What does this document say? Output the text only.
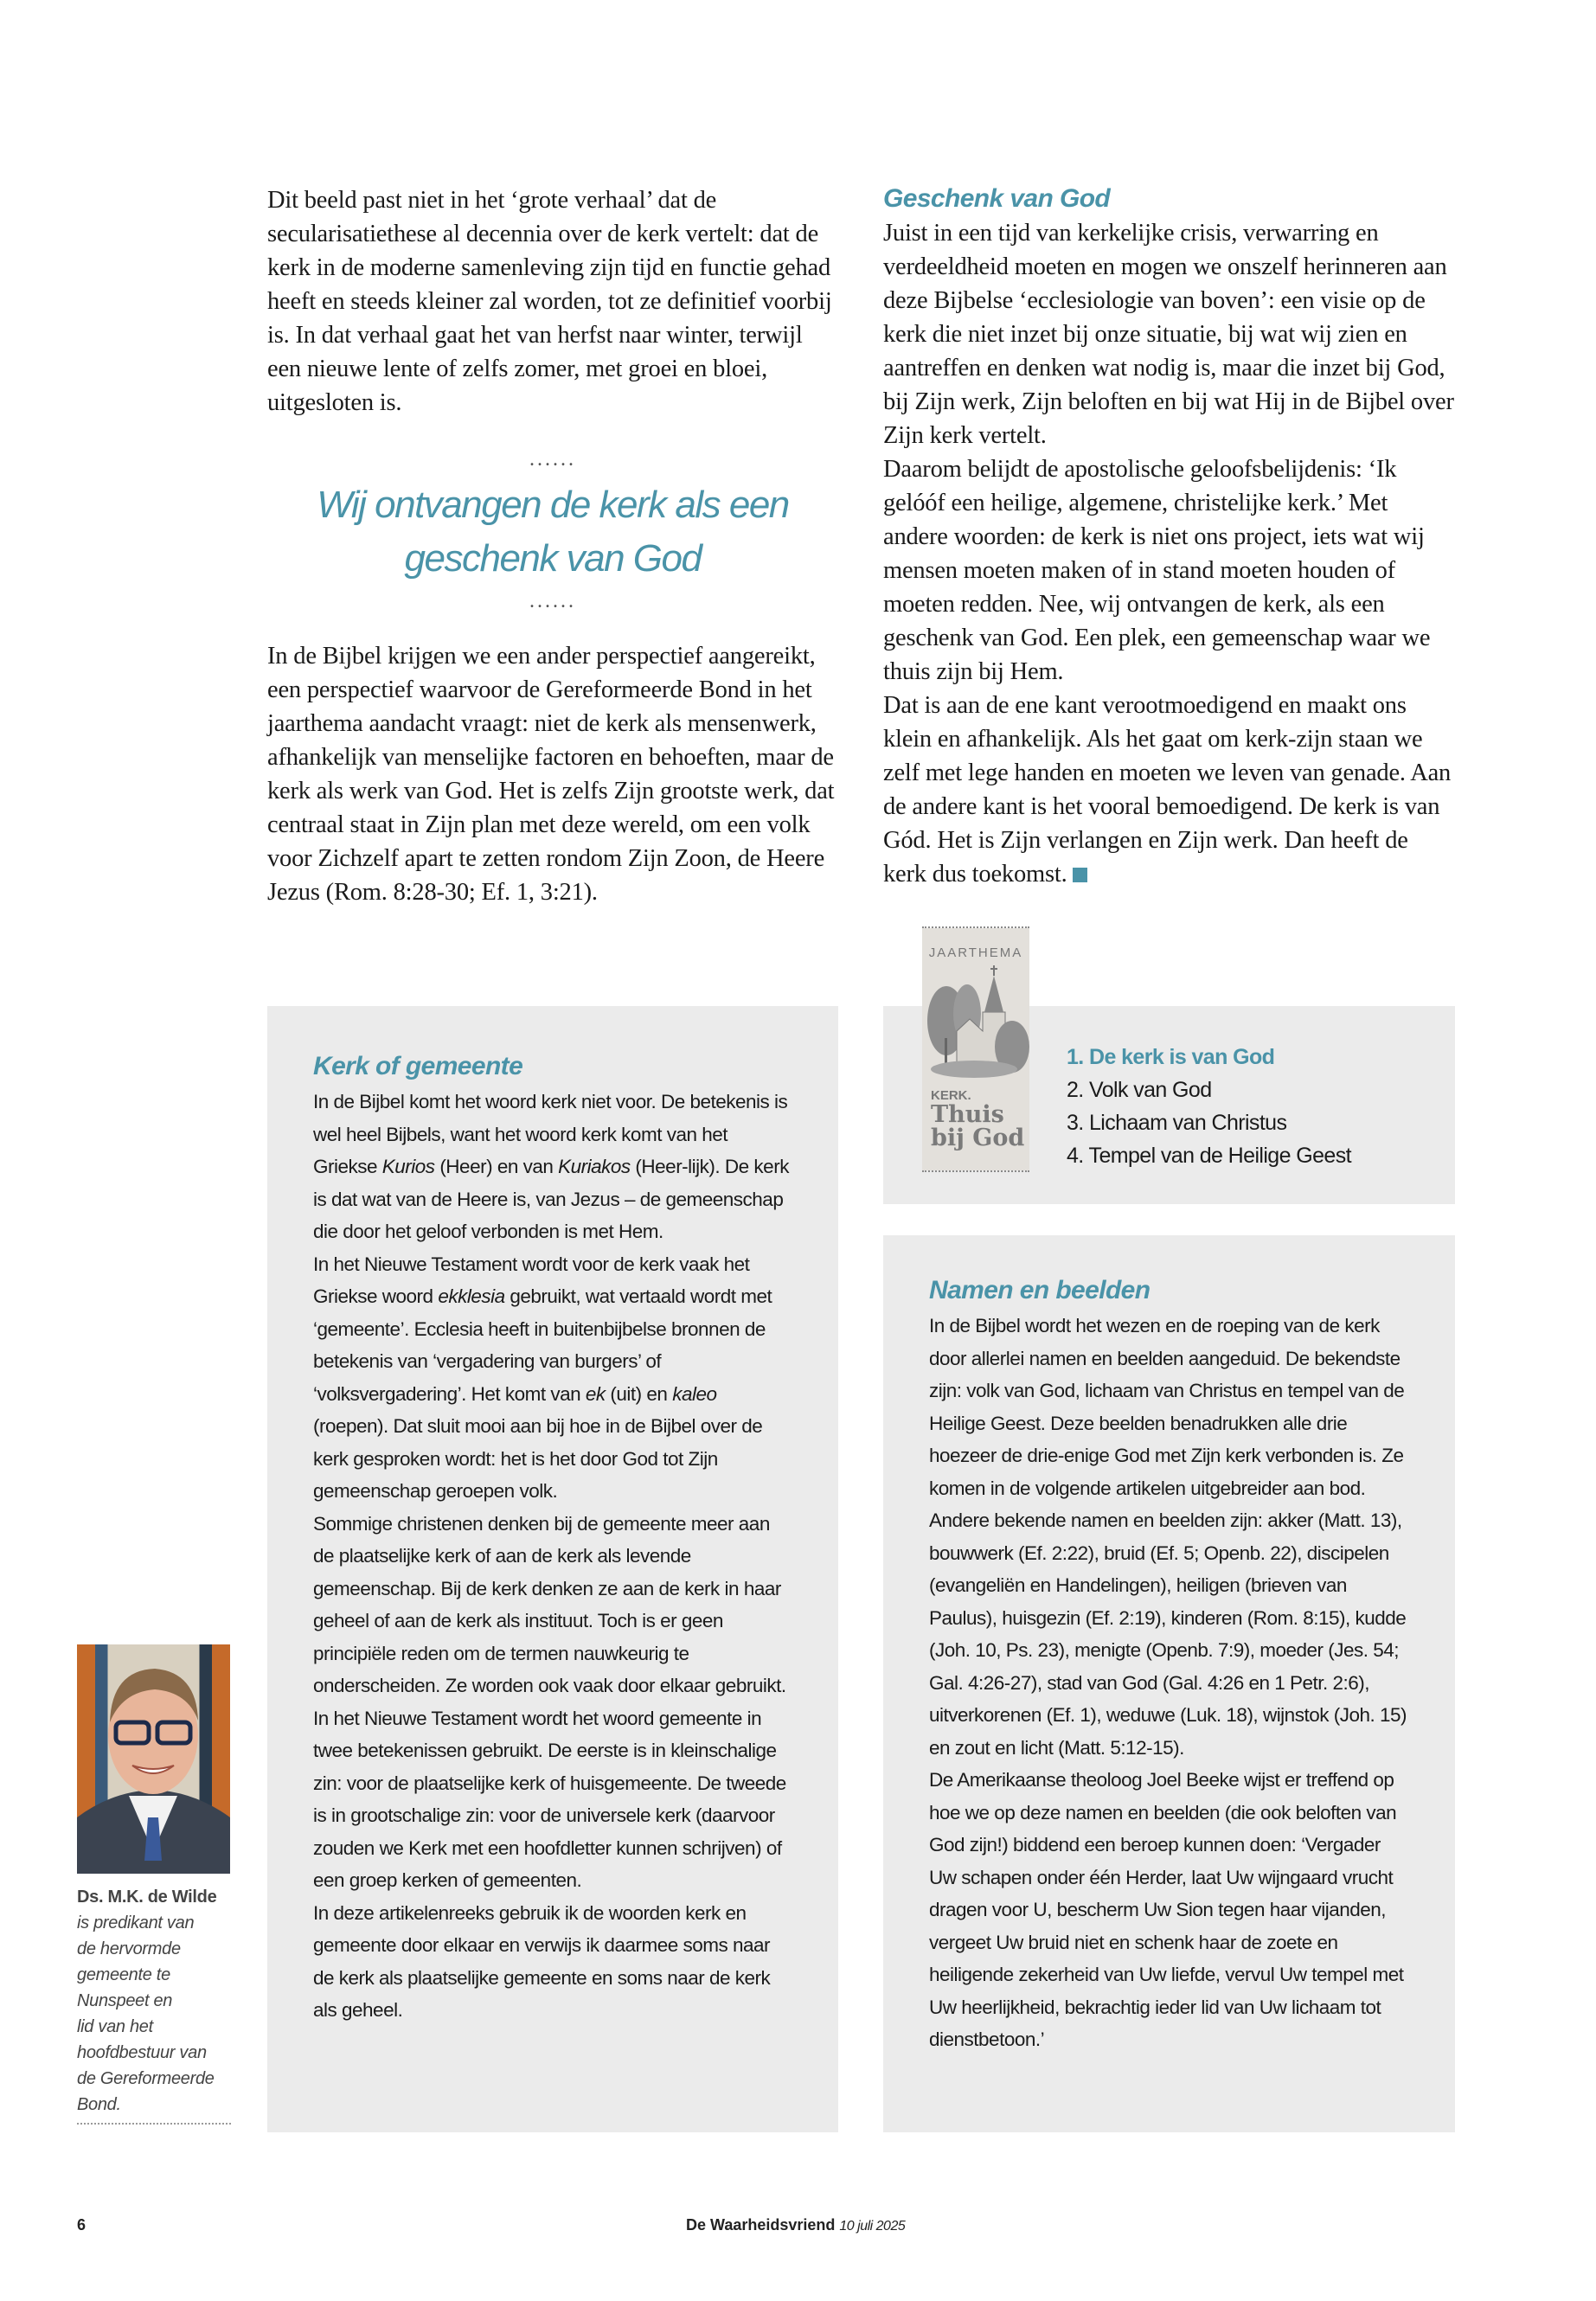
Dit beeld past niet in het ‘grote verhaal’ dat de secularisatiethese al decennia over de kerk vertelt: dat de kerk in de moderne samenleving zijn tijd en functie gehad heeft en steeds kleiner zal worden, tot ze definitief voorbij is. In dat verhaal gaat het van herfst naar winter, terwijl een nieuwe lente of zelfs zomer, met groei en bloei, uitgesloten is.

......
Wij ontvangen de kerk als een
geschenk van God
......

In de Bijbel krijgen we een ander perspectief aangereikt, een perspectief waarvoor de Gereformeerde Bond in het jaarthema aandacht vraagt: niet de kerk als mensenwerk, afhankelijk van menselijke factoren en behoeften, maar de kerk als werk van God. Het is zelfs Zijn grootste werk, dat centraal staat in Zijn plan met deze wereld, om een volk voor Zichzelf apart te zetten rondom Zijn Zoon, de Heere Jezus (Rom. 8:28-30; Ef. 1, 3:21).

Geschenk van God

Juist in een tijd van kerkelijke crisis, verwarring en verdeeldheid moeten en mogen we onszelf herinneren aan deze Bijbelse ‘ecclesiologie van boven’: een visie op de kerk die niet inzet bij onze situatie, bij wat wij zien en aantreffen en denken wat nodig is, maar die inzet bij God, bij Zijn werk, Zijn beloften en bij wat Hij in de Bijbel over Zijn kerk vertelt.

Daarom belijdt de apostolische geloofsbelijdenis: ‘Ik gelóóf een heilige, algemene, christelijke kerk.’ Met andere woorden: de kerk is niet ons project, iets wat wij mensen moeten maken of in stand moeten houden of moeten redden. Nee, wij ontvangen de kerk, als een geschenk van God. Een plek, een gemeenschap waar we thuis zijn bij Hem.

Dat is aan de ene kant verootmoedigend en maakt ons klein en afhankelijk. Als het gaat om kerk-zijn staan we zelf met lege handen en moeten we leven van genade. Aan de andere kant is het vooral bemoedigend. De kerk is van Gód. Het is Zijn verlangen en Zijn werk. Dan heeft de kerk dus toekomst.

Kerk of gemeente

In de Bijbel komt het woord kerk niet voor. De betekenis is wel heel Bijbels, want het woord kerk komt van het Griekse Kurios (Heer) en van Kuriakos (Heer-lijk). De kerk is dat wat van de Heere is, van Jezus – de gemeenschap die door het geloof verbonden is met Hem.

In het Nieuwe Testament wordt voor de kerk vaak het Griekse woord ekklesia gebruikt, wat vertaald wordt met ‘gemeente’. Ecclesia heeft in buitenbijbelse bronnen de betekenis van ‘vergadering van burgers’ of ‘volksvergadering’. Het komt van ek (uit) en kaleo (roepen). Dat sluit mooi aan bij hoe in de Bijbel over de kerk gesproken wordt: het is het door God tot Zijn gemeenschap geroepen volk.

Sommige christenen denken bij de gemeente meer aan de plaatselijke kerk of aan de kerk als levende gemeenschap. Bij de kerk denken ze aan de kerk in haar geheel of aan de kerk als instituut. Toch is er geen principiële reden om de termen nauwkeurig te onderscheiden. Ze worden ook vaak door elkaar gebruikt.

In het Nieuwe Testament wordt het woord gemeente in twee betekenissen gebruikt. De eerste is in kleinschalige zin: voor de plaatselijke kerk of huisgemeente. De tweede is in grootschalige zin: voor de universele kerk (daarvoor zouden we Kerk met een hoofdletter kunnen schrijven) of een groep kerken of gemeenten.

In deze artikelenreeks gebruik ik de woorden kerk en gemeente door elkaar en verwijs ik daarmee soms naar de kerk als plaatselijke gemeente en soms naar de kerk als geheel.

JAARTHEMA
KERK.
Thuis
bij God
1. De kerk is van God
2. Volk van God
3. Lichaam van Christus
4. Tempel van de Heilige Geest
Namen en beelden

In de Bijbel wordt het wezen en de roeping van de kerk door allerlei namen en beelden aangeduid. De bekendste zijn: volk van God, lichaam van Christus en tempel van de Heilige Geest. Deze beelden benadrukken alle drie hoezeer de drie-enige God met Zijn kerk verbonden is. Ze komen in de volgende artikelen uitgebreider aan bod.

Andere bekende namen en beelden zijn: akker (Matt. 13), bouwwerk (Ef. 2:22), bruid (Ef. 5; Openb. 22), discipelen (evangeliën en Handelingen), heiligen (brieven van Paulus), huisgezin (Ef. 2:19), kinderen (Rom. 8:15), kudde (Joh. 10, Ps. 23), menigte (Openb. 7:9), moeder (Jes. 54; Gal. 4:26-27), stad van God (Gal. 4:26 en 1 Petr. 2:6), uitverkorenen (Ef. 1), weduwe (Luk. 18), wijnstok (Joh. 15) en zout en licht (Matt. 5:12-15).

De Amerikaanse theoloog Joel Beeke wijst er treffend op hoe we op deze namen en beelden (die ook beloften van God zijn!) biddend een beroep kunnen doen: ‘Vergader Uw schapen onder één Herder, laat Uw wijngaard vrucht dragen voor U, bescherm Uw Sion tegen haar vijanden, vergeet Uw bruid niet en schenk haar de zoete en heiligende zekerheid van Uw liefde, vervul Uw tempel met Uw heerlijkheid, bekrachtig ieder lid van Uw lichaam tot dienstbetoon.’

Ds. M.K. de Wilde
is predikant van
de hervormde
gemeente te
Nunspeet en
lid van het
hoofdbestuur van
de Gereformeerde
Bond.
6	De Waarheidsvriend 10 juli 2025
